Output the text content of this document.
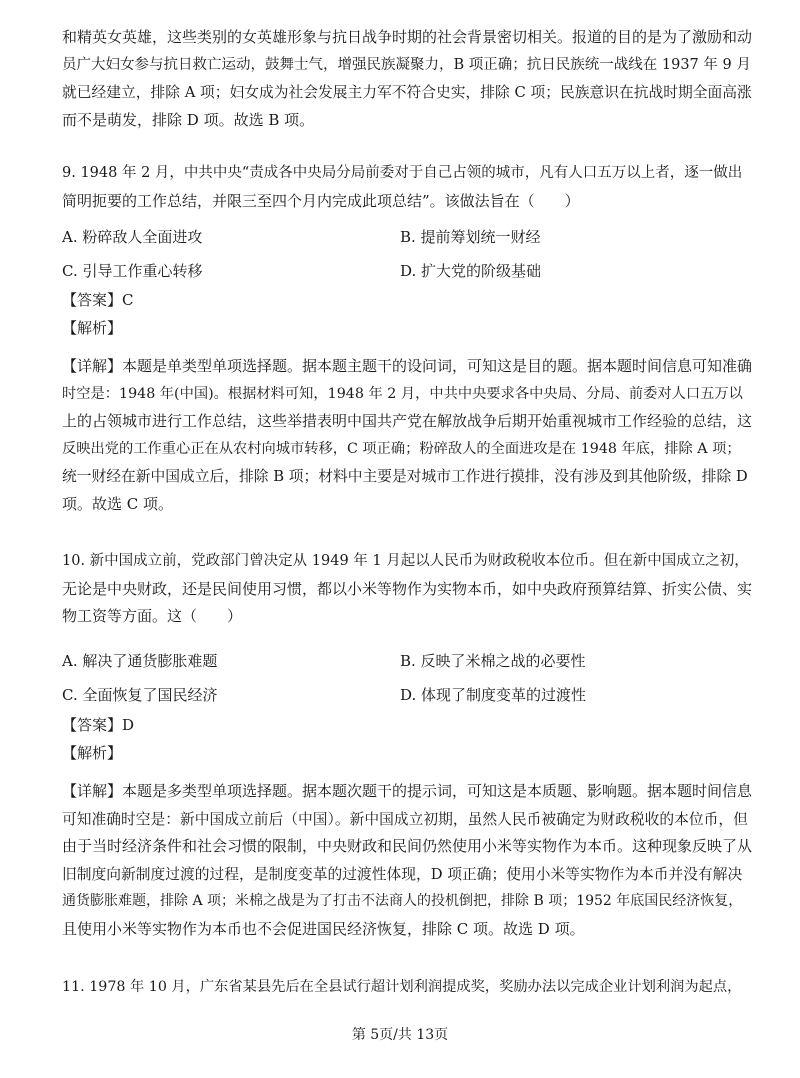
和精英女英雄，这些类别的女英雄形象与抗日战争时期的社会背景密切相关。报道的目的是为了激励和动
员广大妇女参与抗日救亡运动，鼓舞士气，增强民族凝聚力，B 项正确；抗日民族统一战线在 1937 年 9 月
就已经建立，排除 A 项；妇女成为社会发展主力军不符合史实，排除 C 项；民族意识在抗战时期全面高涨
而不是萌发，排除 D 项。故选 B 项。
9. 1948 年 2 月，中共中央“责成各中央局分局前委对于自己占领的城市，凡有人口五万以上者，逐一做出
简明扼要的工作总结，并限三至四个月内完成此项总结”。该做法旨在（　　）
A. 粉碎敌人全面进攻	B. 提前筹划统一财经
C. 引导工作重心转移	D. 扩大党的阶级基础
【答案】C
【解析】
【详解】本题是单类型单项选择题。据本题主题干的设问词，可知这是目的题。据本题时间信息可知准确
时空是：1948 年(中国)。根据材料可知，1948 年 2 月，中共中央要求各中央局、分局、前委对人口五万以
上的占领城市进行工作总结，这些举措表明中国共产党在解放战争后期开始重视城市工作经验的总结，这
反映出党的工作重心正在从农村向城市转移，C 项正确；粉碎敌人的全面进攻是在 1948 年底，排除 A 项；
统一财经在新中国成立后，排除 B 项；材料中主要是对城市工作进行摸排，没有涉及到其他阶级，排除 D
项。故选 C 项。
10. 新中国成立前，党政部门曾决定从 1949 年 1 月起以人民币为财政税收本位币。但在新中国成立之初，
无论是中央财政，还是民间使用习惯，都以小米等物作为实物本币，如中央政府预算结算、折实公债、实
物工资等方面。这（　　）
A. 解决了通货膨胀难题	B. 反映了米棉之战的必要性
C. 全面恢复了国民经济	D. 体现了制度变革的过渡性
【答案】D
【解析】
【详解】本题是多类型单项选择题。据本题次题干的提示词，可知这是本质题、影响题。据本题时间信息
可知准确时空是：新中国成立前后（中国）。新中国成立初期，虽然人民币被确定为财政税收的本位币，但
由于当时经济条件和社会习惯的限制，中央财政和民间仍然使用小米等实物作为本币。这种现象反映了从
旧制度向新制度过渡的过程，是制度变革的过渡性体现，D 项正确；使用小米等实物作为本币并没有解决
通货膨胀难题，排除 A 项；米棉之战是为了打击不法商人的投机倒把，排除 B 项；1952 年底国民经济恢复，
且使用小米等实物作为本币也不会促进国民经济恢复，排除 C 项。故选 D 项。
11. 1978 年 10 月，广东省某县先后在全县试行超计划利润提成奖，奖励办法以完成企业计划利润为起点，
第 5页/共 13页
